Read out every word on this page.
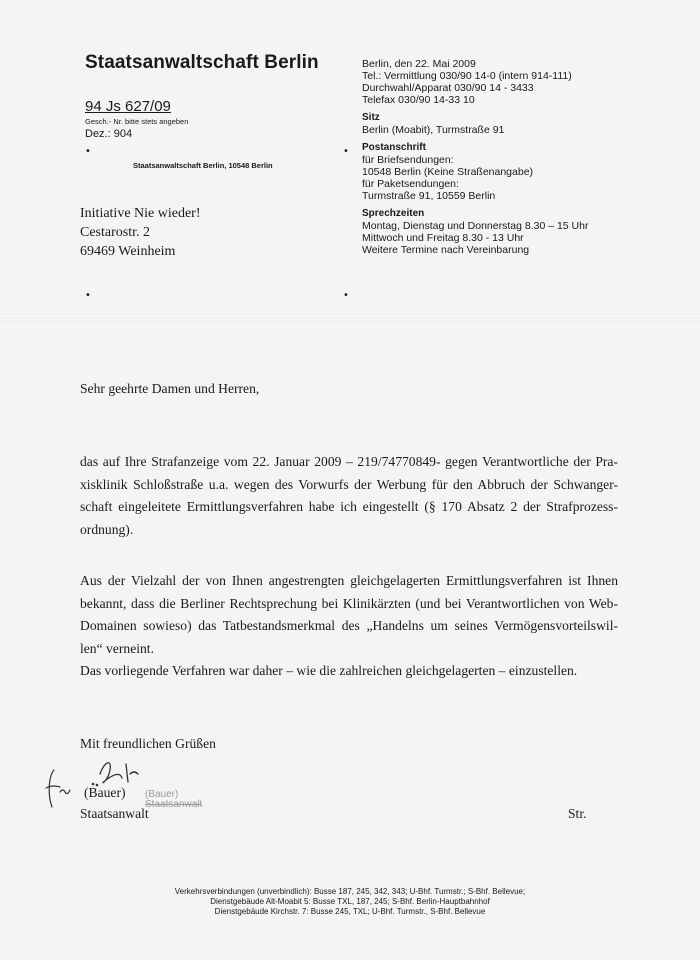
Staatsanwaltschaft Berlin
94 Js 627/09
Gesch.- Nr. bitte stets angeben
Dez.: 904
•	•
Staatsanwaltschaft Berlin, 10548 Berlin
Initiative Nie wieder!
Cestarostr. 2
69469 Weinheim
•	•
Berlin, den 22. Mai 2009
Tel.: Vermittlung 030/90 14-0 (intern 914-111)
Durchwahl/Apparat 030/90 14 - 3433
Telefax 030/90 14-33 10
Sitz
Berlin (Moabit), Turmstraße 91
Postanschrift
für Briefsendungen:
10548 Berlin (Keine Straßenangabe)
für Paketsendungen:
Turmstraße 91, 10559 Berlin
Sprechzeiten
Montag, Dienstag und Donnerstag 8.30 – 15 Uhr
Mittwoch und Freitag 8.30 - 13 Uhr
Weitere Termine nach Vereinbarung
Sehr geehrte Damen und Herren,
das auf Ihre Strafanzeige vom 22. Januar 2009 – 219/74770849- gegen Verantwortliche der Pra-
xisklinik Schloßstraße u.a. wegen des Vorwurfs der Werbung für den Abbruch der Schwanger-
schaft eingeleitete Ermittlungsverfahren habe ich eingestellt (§ 170 Absatz 2 der Strafprozess-
ordnung).
Aus der Vielzahl der von Ihnen angestrengten gleichgelagerten Ermittlungsverfahren ist Ihnen
bekannt, dass die Berliner Rechtsprechung bei Klinikärzten (und bei Verantwortlichen von Web-
Domainen sowieso) das Tatbestandsmerkmal des „Handelns um seines Vermögensvorteilswil-
len“ verneint.
Das vorliegende Verfahren war daher – wie die zahlreichen gleichgelagerten – einzustellen.
Mit freundlichen Grüßen
(Bauer)
Staatsanwalt
(Bauer)
Staatsanwalt	Str.
Verkehrsverbindungen (unverbindlich): Busse 187, 245, 342, 343; U-Bhf. Turmstr.; S-Bhf. Bellevue;
Dienstgebäude Alt-Moabit 5: Busse TXL, 187, 245; S-Bhf. Berlin-Hauptbahnhof
Dienstgebäude Kirchstr. 7: Busse 245, TXL; U-Bhf. Turmstr., S-Bhf. Bellevue
